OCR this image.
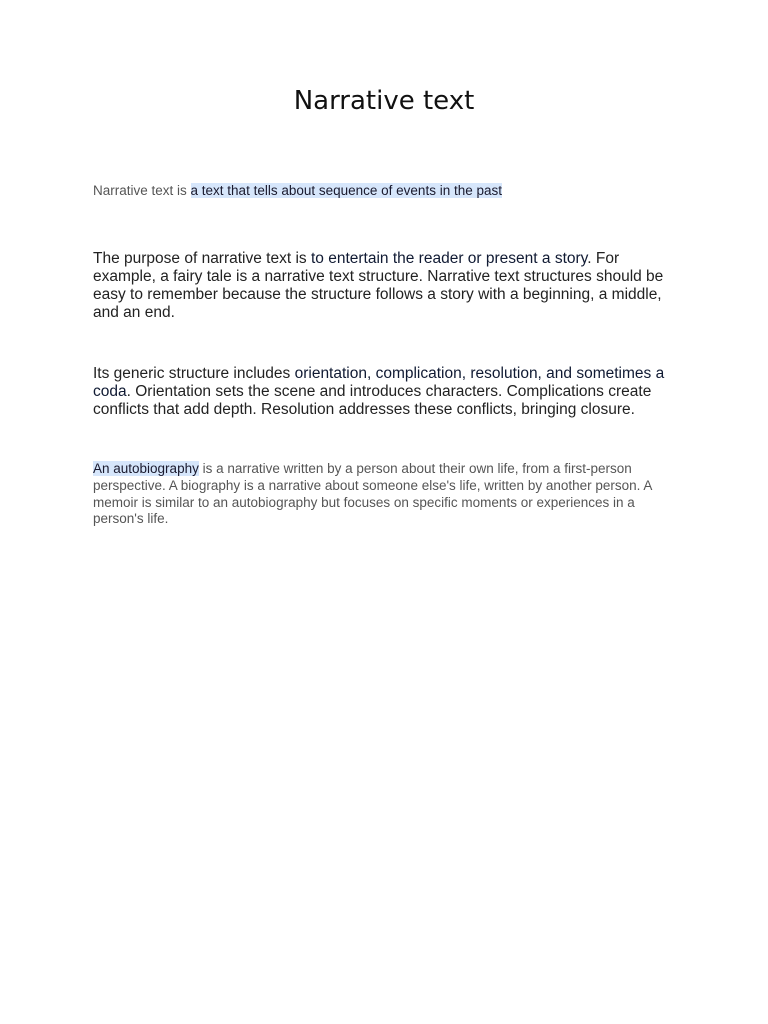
Narrative text

Narrative text is a text that tells about sequence of events in the past

The purpose of narrative text is to entertain the reader or present a story. For example, a fairy tale is a narrative text structure. Narrative text structures should be easy to remember because the structure follows a story with a beginning, a middle, and an end.

Its generic structure includes orientation, complication, resolution, and sometimes a coda. Orientation sets the scene and introduces characters. Complications create conflicts that add depth. Resolution addresses these conflicts, bringing closure.

An autobiography is a narrative written by a person about their own life, from a first-person perspective. A biography is a narrative about someone else's life, written by another person. A memoir is similar to an autobiography but focuses on specific moments or experiences in a person's life.
